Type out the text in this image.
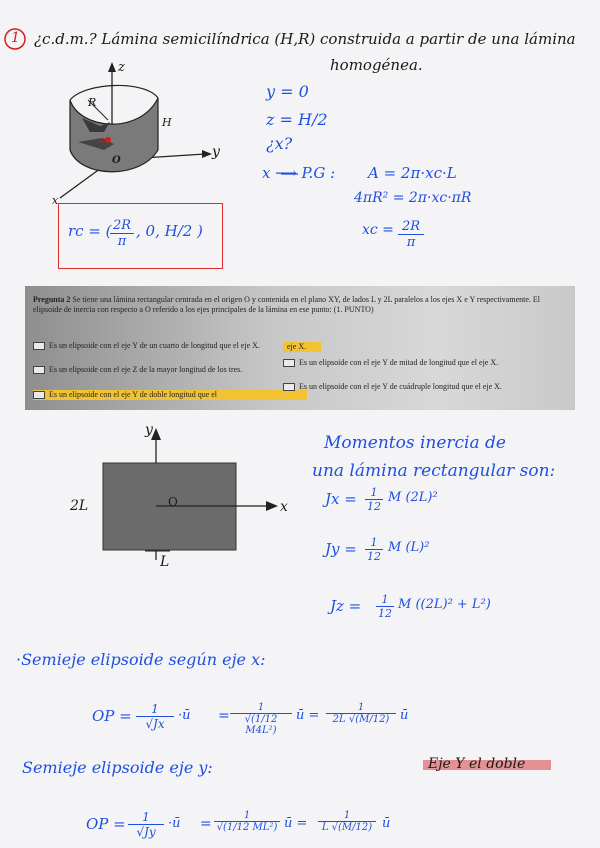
1 ¿c.d.m.? Lámina semicilíndrica (H,R) construida a partir de una lámina
homogénea.
z
y
x
R
H
O
c
y = 0
z = H/2
¿x?
x ⟶ P.G : A = 2π·xc·L
4πR² = 2π·xc·πR
xc = $\frac{2R}{\pi}$
rc = (
$\frac{2R}{\pi}$ , 0, H/2 )
Pregunta 2 Se tiene una lámina rectangular centrada en el origen O y contenida en el plano XY, de lados L y 2L paralelos a los ejes X e Y respectivamente. El elipsoide de inercia con respecto a O referido a los ejes principales de la lámina en ese punto: (1. PUNTO)
Es un elipsoide con el eje Y de un cuarto de longitud que el eje X.
Es un elipsoide con el eje Z de la mayor longitud de los tres.
Es un elipsoide con el eje Y de doble longitud que el
eje X.
Es un elipsoide con el eje Y de mitad de longitud que el eje X.
Es un elipsoide con el eje Y de cuádruple longitud que el eje X.
y
x
O
2L
L
Momentos inercia de
una lámina rectangular son:
$Jx = \frac{1}{12}$ M (2L)²
$Jy = \frac{1}{12}$ M (L)²
$Jz = \frac{1}{12}$ M ((2L)² + L²)
·Semieje elipsoide según eje x:
OP = $\frac{1}{√Jx}$ ·ū = $\frac{1}{\text{√(1/12 M4L²)}}$ ū = $\frac{1}{2L √(M/12)}$ ū
Semieje elipsoide eje y:	Eje Y el doble
OP = $\frac{1}{√Jy}$ ·ū = $\frac{1}{\text{√(1/12 ML²)}}$ ū = $\frac{1}{L √(M/12)}$ ū
